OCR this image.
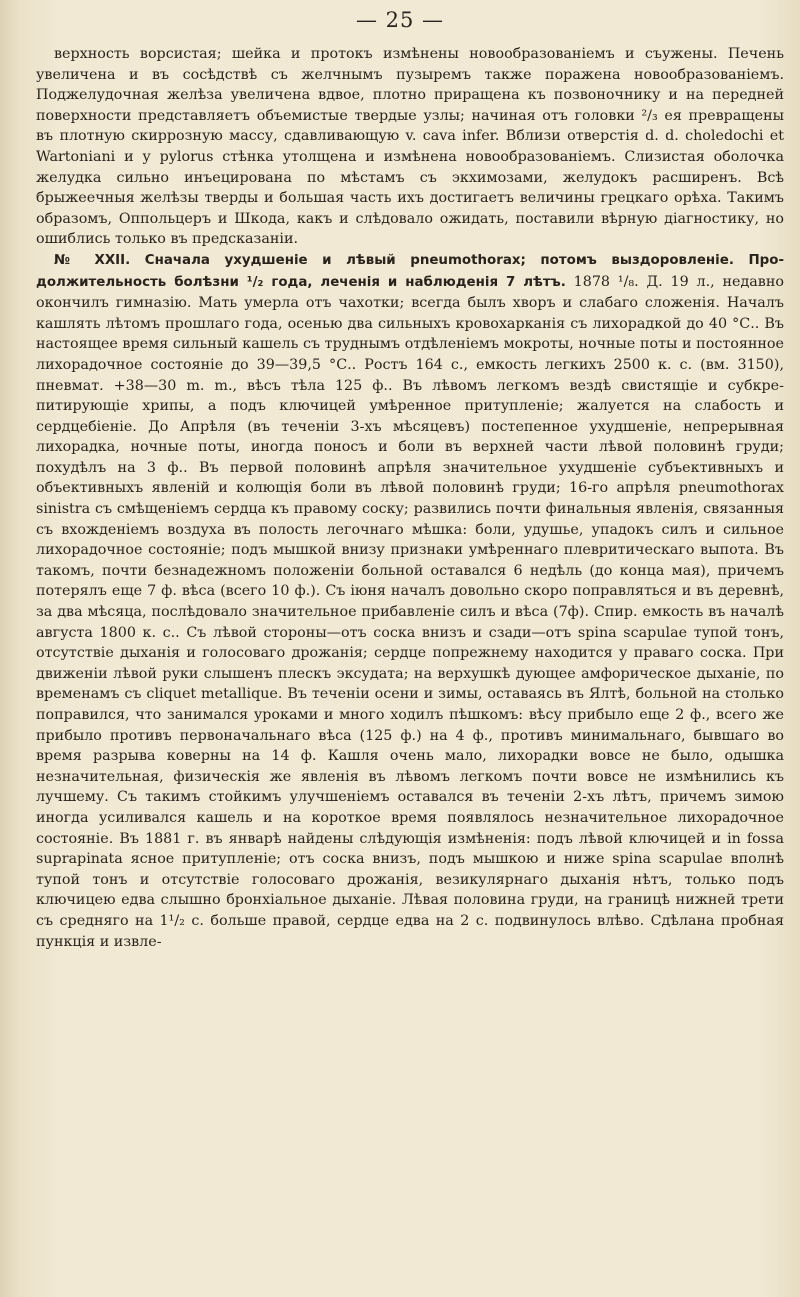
— 25 —

верхность ворсистая; шейка и протокъ измѣнены новообразованіемъ и съужены. Печень увеличена и въ сосѣдствѣ съ желчнымъ пузыремъ также поражена новообразованіемъ. Поджелудочная желѣза увеличена вдвое, плотно приращена къ позвоночнику и на передней поверхности представляетъ объемистые твердые узлы; начиная отъ головки ²/₃ ея превращены въ плотную скиррозную массу, сдавливающую v. cava infer. Вблизи отверстія d. d. choledochi et Wartoniani и у pylorus стѣнка утолщена и измѣнена новообразованіемъ. Слизистая оболочка желудка сильно инъецирована по мѣстамъ съ экхимозами, желудокъ расширенъ. Всѣ брыжеечныя желѣзы тверды и большая часть ихъ достигаетъ величины грецкаго орѣха. Такимъ образомъ, Оппольцеръ и Шкода, какъ и слѣдовало ожидать, поставили вѣрную діагностику, но ошиблись только въ предсказаніи.

№ XXII. Сначала ухудшеніе и лѣвый pneumothorax; потомъ выздоровленіе. Продолжительность болѣзни ¹/₂ года, леченія и наблюденія 7 лѣтъ. 1878 ¹/₈. Д. 19 л., недавно окончилъ гимназію. Мать умерла отъ чахотки; всегда былъ хворъ и слабаго сложенія. Началъ кашлять лѣтомъ прошлаго года, осенью два сильныхъ кровохарканія съ лихорадкой до 40 °С.. Въ настоящее время сильный кашель съ труднымъ отдѣленіемъ мокроты, ночные поты и постоянное лихорадочное состояніе до 39—39,5 °С.. Ростъ 164 с., емкость легкихъ 2500 к. с. (вм. 3150), пневмат. +38—30 m. m., вѣсъ тѣла 125 ф.. Въ лѣвомъ легкомъ вездѣ свистящіе и субкрепитирующіе хрипы, а подъ ключицей умѣренное притупленіе; жалуется на слабость и сердцебіеніе. До Апрѣля (въ теченіи 3-хъ мѣсяцевъ) постепенное ухудшеніе, непрерывная лихорадка, ночные поты, иногда поносъ и боли въ верхней части лѣвой половинѣ груди; похудѣлъ на 3 ф.. Въ первой половинѣ апрѣля значительное ухудшеніе субъективныхъ и объективныхъ явленій и колющія боли въ лѣвой половинѣ груди; 16-го апрѣля pneumothorax sinistra съ смѣщеніемъ сердца къ правому соску; развились почти финальныя явленія, связанныя съ вхожденіемъ воздуха въ полость легочнаго мѣшка: боли, удушье, упадокъ силъ и сильное лихорадочное состояніе; подъ мышкой внизу признаки умѣреннаго плевритическаго выпота. Въ такомъ, почти безнадежномъ положеніи больной оставался 6 недѣль (до конца мая), причемъ потерялъ еще 7 ф. вѣса (всего 10 ф.). Съ іюня началъ довольно скоро поправляться и въ деревнѣ, за два мѣсяца, послѣдовало значительное прибавленіе силъ и вѣса (7ф). Спир. емкость въ началѣ августа 1800 к. с.. Съ лѣвой стороны—отъ соска внизъ и сзади—отъ spina scapulae тупой тонъ, отсутствіе дыханія и голосоваго дрожанія; сердце попрежнему находится у праваго соска. При движеніи лѣвой руки слышенъ плескъ эксудата; на верхушкѣ дующее амфорическое дыханіе, по временамъ съ cliquet metallique. Въ теченіи осени и зимы, оставаясь въ Ялтѣ, больной на столько поправился, что занимался уроками и много ходилъ пѣшкомъ: вѣсу прибыло еще 2 ф., всего же прибыло противъ первоначальнаго вѣса (125 ф.) на 4 ф., противъ минимальнаго, бывшаго во время разрыва коверны на 14 ф. Кашля очень мало, лихорадки вовсе не было, одышка незначительная, физическія же явленія въ лѣвомъ легкомъ почти вовсе не измѣнились къ лучшему. Съ такимъ стойкимъ улучшеніемъ оставался въ теченіи 2-хъ лѣтъ, причемъ зимою иногда усиливался кашель и на короткое время появлялось незначительное лихорадочное состояніе. Въ 1881 г. въ январѣ найдены слѣдующія измѣненія: подъ лѣвой ключицей и in fossa suprapinata ясное притупленіе; отъ соска внизъ, подъ мышкою и ниже spina scapulae вполнѣ тупой тонъ и отсутствіе голосоваго дрожанія, везикулярнаго дыханія нѣтъ, только подъ ключицею едва слышно бронхіальное дыханіе. Лѣвая половина груди, на границѣ нижней трети съ средняго на 1¹/₂ с. больше правой, сердце едва на 2 с. подвинулось влѣво. Сдѣлана пробная пункція и извле-
